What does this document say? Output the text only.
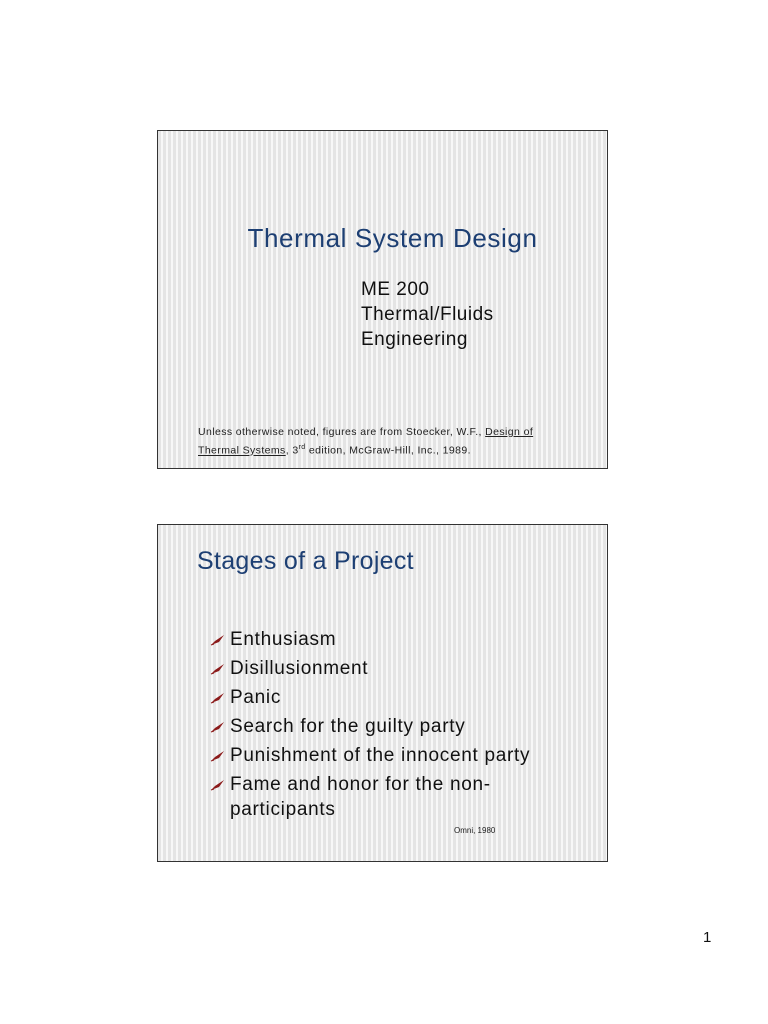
Thermal System Design
ME 200
Thermal/Fluids
Engineering
Unless otherwise noted, figures are from Stoecker, W.F., Design of
Thermal Systems, 3rd edition, McGraw-Hill, Inc., 1989.
Stages of a Project
Enthusiasm
Disillusionment
Panic
Search for the guilty party
Punishment of the innocent party
Fame and honor for the non-
participants
Omni, 1980
1
